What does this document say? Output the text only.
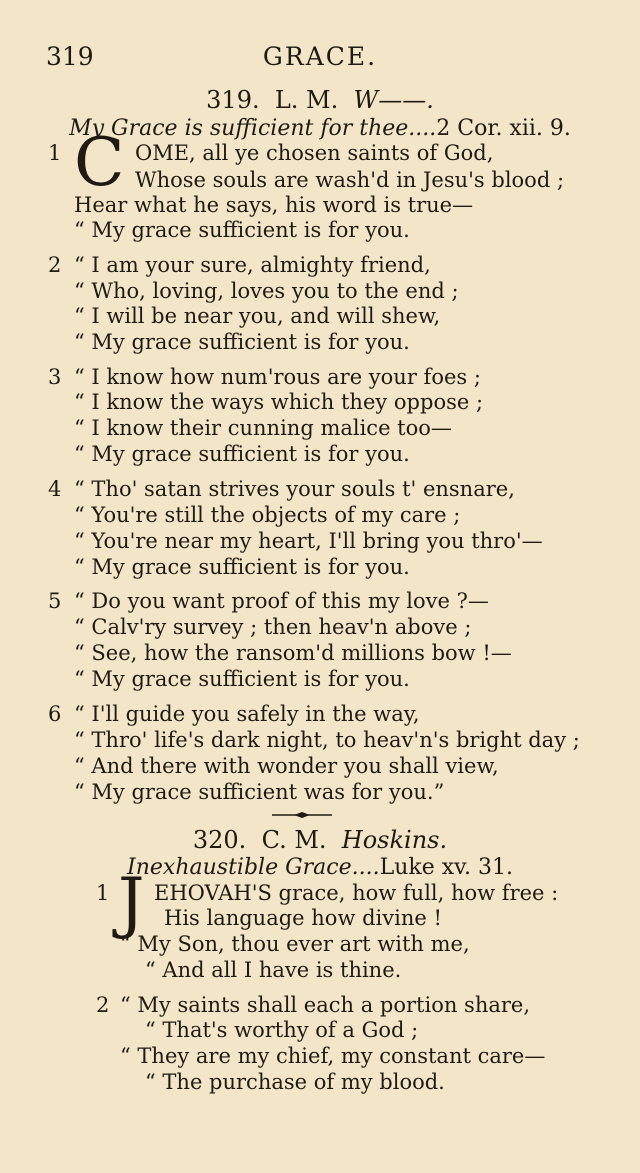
319	GRACE.
319. L. M. W——.
My Grace is sufficient for thee....2 Cor. xii. 9.
1 C OME, all ye chosen saints of God,
Whose souls are wash'd in Jesu's blood ;
Hear what he says, his word is true—
“ My grace sufficient is for you.
2 “ I am your sure, almighty friend,
“ Who, loving, loves you to the end ;
“ I will be near you, and will shew,
“ My grace sufficient is for you.
3 “ I know how num'rous are your foes ;
“ I know the ways which they oppose ;
“ I know their cunning malice too—
“ My grace sufficient is for you.
4 “ Tho' satan strives your souls t' ensnare,
“ You're still the objects of my care ;
“ You're near my heart, I'll bring you thro'—
“ My grace sufficient is for you.
5 “ Do you want proof of this my love ?—
“ Calv'ry survey ; then heav'n above ;
“ See, how the ransom'd millions bow !—
“ My grace sufficient is for you.
6 “ I'll guide you safely in the way,
“ Thro' life's dark night, to heav'n's bright day ;
“ And there with wonder you shall view,
“ My grace sufficient was for you.”
320. C. M. Hoskins.
Inexhaustible Grace....Luke xv. 31.
1 J EHOVAH'S grace, how full, how free :
His language how divine !
“ My Son, thou ever art with me,
“ And all I have is thine.
2 “ My saints shall each a portion share,
“ That's worthy of a God ;
“ They are my chief, my constant care—
“ The purchase of my blood.
